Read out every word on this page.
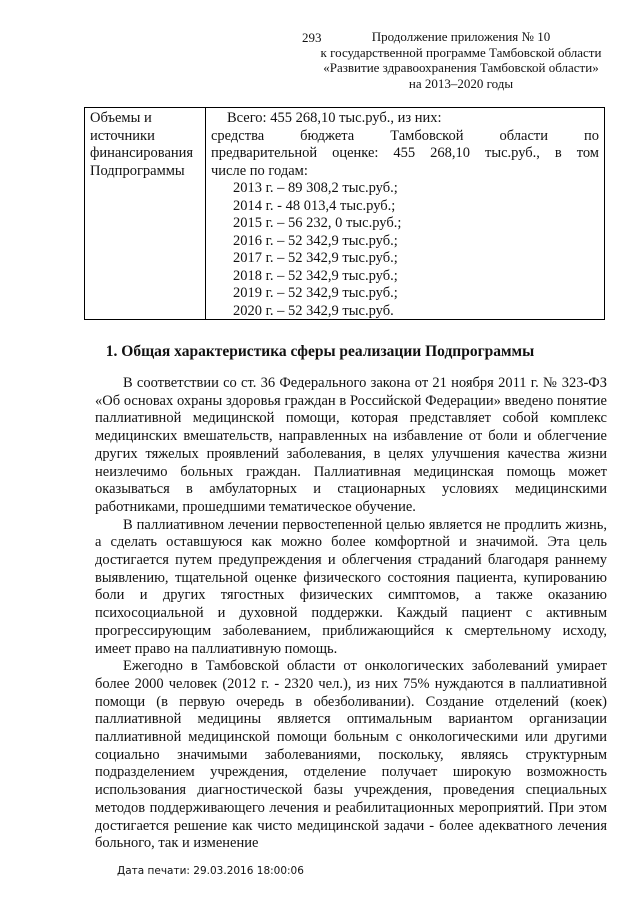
293	Продолжение приложения № 10
к государственной программе Тамбовской области
«Развитие здравоохранения Тамбовской области»
на 2013–2020 годы
Объемы и
источники
финансирования
Подпрограммы
Всего: 455 268,10 тыс.руб., из них:
средства бюджета Тамбовской области по
предварительной оценке: 455 268,10 тыс.руб., в том
числе по годам:
2013 г. – 89 308,2 тыс.руб.;
2014 г. - 48 013,4 тыс.руб.;
2015 г. – 56 232, 0 тыс.руб.;
2016 г. – 52 342,9 тыс.руб.;
2017 г. – 52 342,9 тыс.руб.;
2018 г. – 52 342,9 тыс.руб.;
2019 г. – 52 342,9 тыс.руб.;
2020 г. – 52 342,9 тыс.руб.
1. Общая характеристика сферы реализации Подпрограммы

В соответствии со ст. 36 Федерального закона от 21 ноября 2011 г. № 323-ФЗ «Об основах охраны здоровья граждан в Российской Федерации» введено понятие паллиативной медицинской помощи, которая представляет собой комплекс медицинских вмешательств, направленных на избавление от боли и облегчение других тяжелых проявлений заболевания, в целях улучшения качества жизни неизлечимо больных граждан. Паллиативная медицинская помощь может оказываться в амбулаторных и стационарных условиях медицинскими работниками, прошедшими тематическое обучение.

В паллиативном лечении первостепенной целью является не продлить жизнь, а сделать оставшуюся как можно более комфортной и значимой. Эта цель достигается путем предупреждения и облегчения страданий благодаря раннему выявлению, тщательной оценке физического состояния пациента, купированию боли и других тягостных физических симптомов, а также оказанию психосоциальной и духовной поддержки. Каждый пациент с активным прогрессирующим заболеванием, приближающийся к смертельному исходу, имеет право на паллиативную помощь.

Ежегодно в Тамбовской области от онкологических заболеваний умирает более 2000 человек (2012 г. - 2320 чел.), из них 75% нуждаются в паллиативной помощи (в первую очередь в обезболивании). Создание отделений (коек) паллиативной медицины является оптимальным вариантом организации паллиативной медицинской помощи больным с онкологическими или другими социально значимыми заболеваниями, поскольку, являясь структурным подразделением учреждения, отделение получает широкую возможность использования диагностической базы учреждения, проведения специальных методов поддерживающего лечения и реабилитационных мероприятий. При этом достигается решение как чисто медицинской задачи - более адекватного лечения больного, так и изменение

Дата печати: 29.03.2016 18:00:06
